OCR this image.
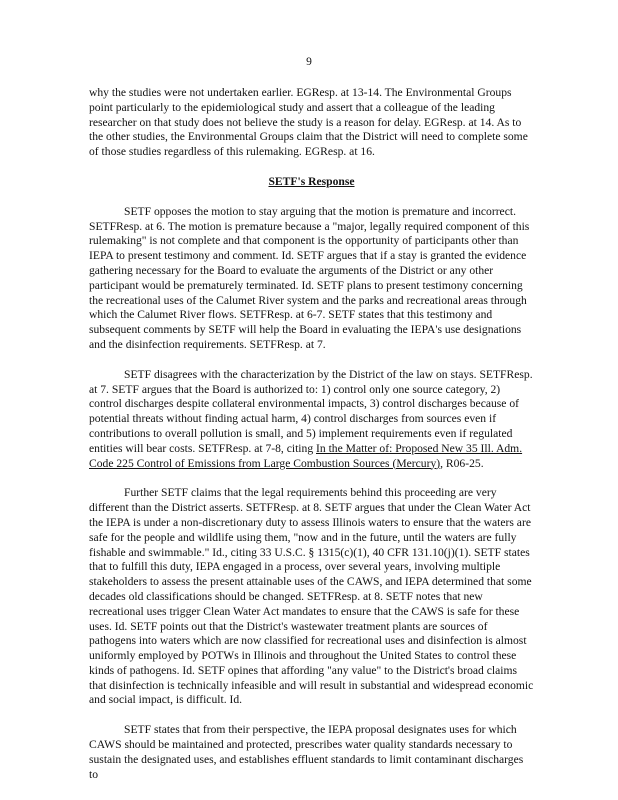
9

why the studies were not undertaken earlier. EGResp. at 13-14. The Environmental Groups point particularly to the epidemiological study and assert that a colleague of the leading researcher on that study does not believe the study is a reason for delay. EGResp. at 14. As to the other studies, the Environmental Groups claim that the District will need to complete some of those studies regardless of this rulemaking. EGResp. at 16.

SETF's Response

SETF opposes the motion to stay arguing that the motion is premature and incorrect. SETFResp. at 6. The motion is premature because a "major, legally required component of this rulemaking" is not complete and that component is the opportunity of participants other than IEPA to present testimony and comment. Id. SETF argues that if a stay is granted the evidence gathering necessary for the Board to evaluate the arguments of the District or any other participant would be prematurely terminated. Id. SETF plans to present testimony concerning the recreational uses of the Calumet River system and the parks and recreational areas through which the Calumet River flows. SETFResp. at 6-7. SETF states that this testimony and subsequent comments by SETF will help the Board in evaluating the IEPA's use designations and the disinfection requirements. SETFResp. at 7.

SETF disagrees with the characterization by the District of the law on stays. SETFResp. at 7. SETF argues that the Board is authorized to: 1) control only one source category, 2) control discharges despite collateral environmental impacts, 3) control discharges because of potential threats without finding actual harm, 4) control discharges from sources even if contributions to overall pollution is small, and 5) implement requirements even if regulated entities will bear costs. SETFResp. at 7-8, citing In the Matter of: Proposed New 35 Ill. Adm. Code 225 Control of Emissions from Large Combustion Sources (Mercury), R06-25.

Further SETF claims that the legal requirements behind this proceeding are very different than the District asserts. SETFResp. at 8. SETF argues that under the Clean Water Act the IEPA is under a non-discretionary duty to assess Illinois waters to ensure that the waters are safe for the people and wildlife using them, "now and in the future, until the waters are fully fishable and swimmable." Id., citing 33 U.S.C. § 1315(c)(1), 40 CFR 131.10(j)(1). SETF states that to fulfill this duty, IEPA engaged in a process, over several years, involving multiple stakeholders to assess the present attainable uses of the CAWS, and IEPA determined that some decades old classifications should be changed. SETFResp. at 8. SETF notes that new recreational uses trigger Clean Water Act mandates to ensure that the CAWS is safe for these uses. Id. SETF points out that the District's wastewater treatment plants are sources of pathogens into waters which are now classified for recreational uses and disinfection is almost uniformly employed by POTWs in Illinois and throughout the United States to control these kinds of pathogens. Id. SETF opines that affording "any value" to the District's broad claims that disinfection is technically infeasible and will result in substantial and widespread economic and social impact, is difficult. Id.

SETF states that from their perspective, the IEPA proposal designates uses for which CAWS should be maintained and protected, prescribes water quality standards necessary to sustain the designated uses, and establishes effluent standards to limit contaminant discharges to
